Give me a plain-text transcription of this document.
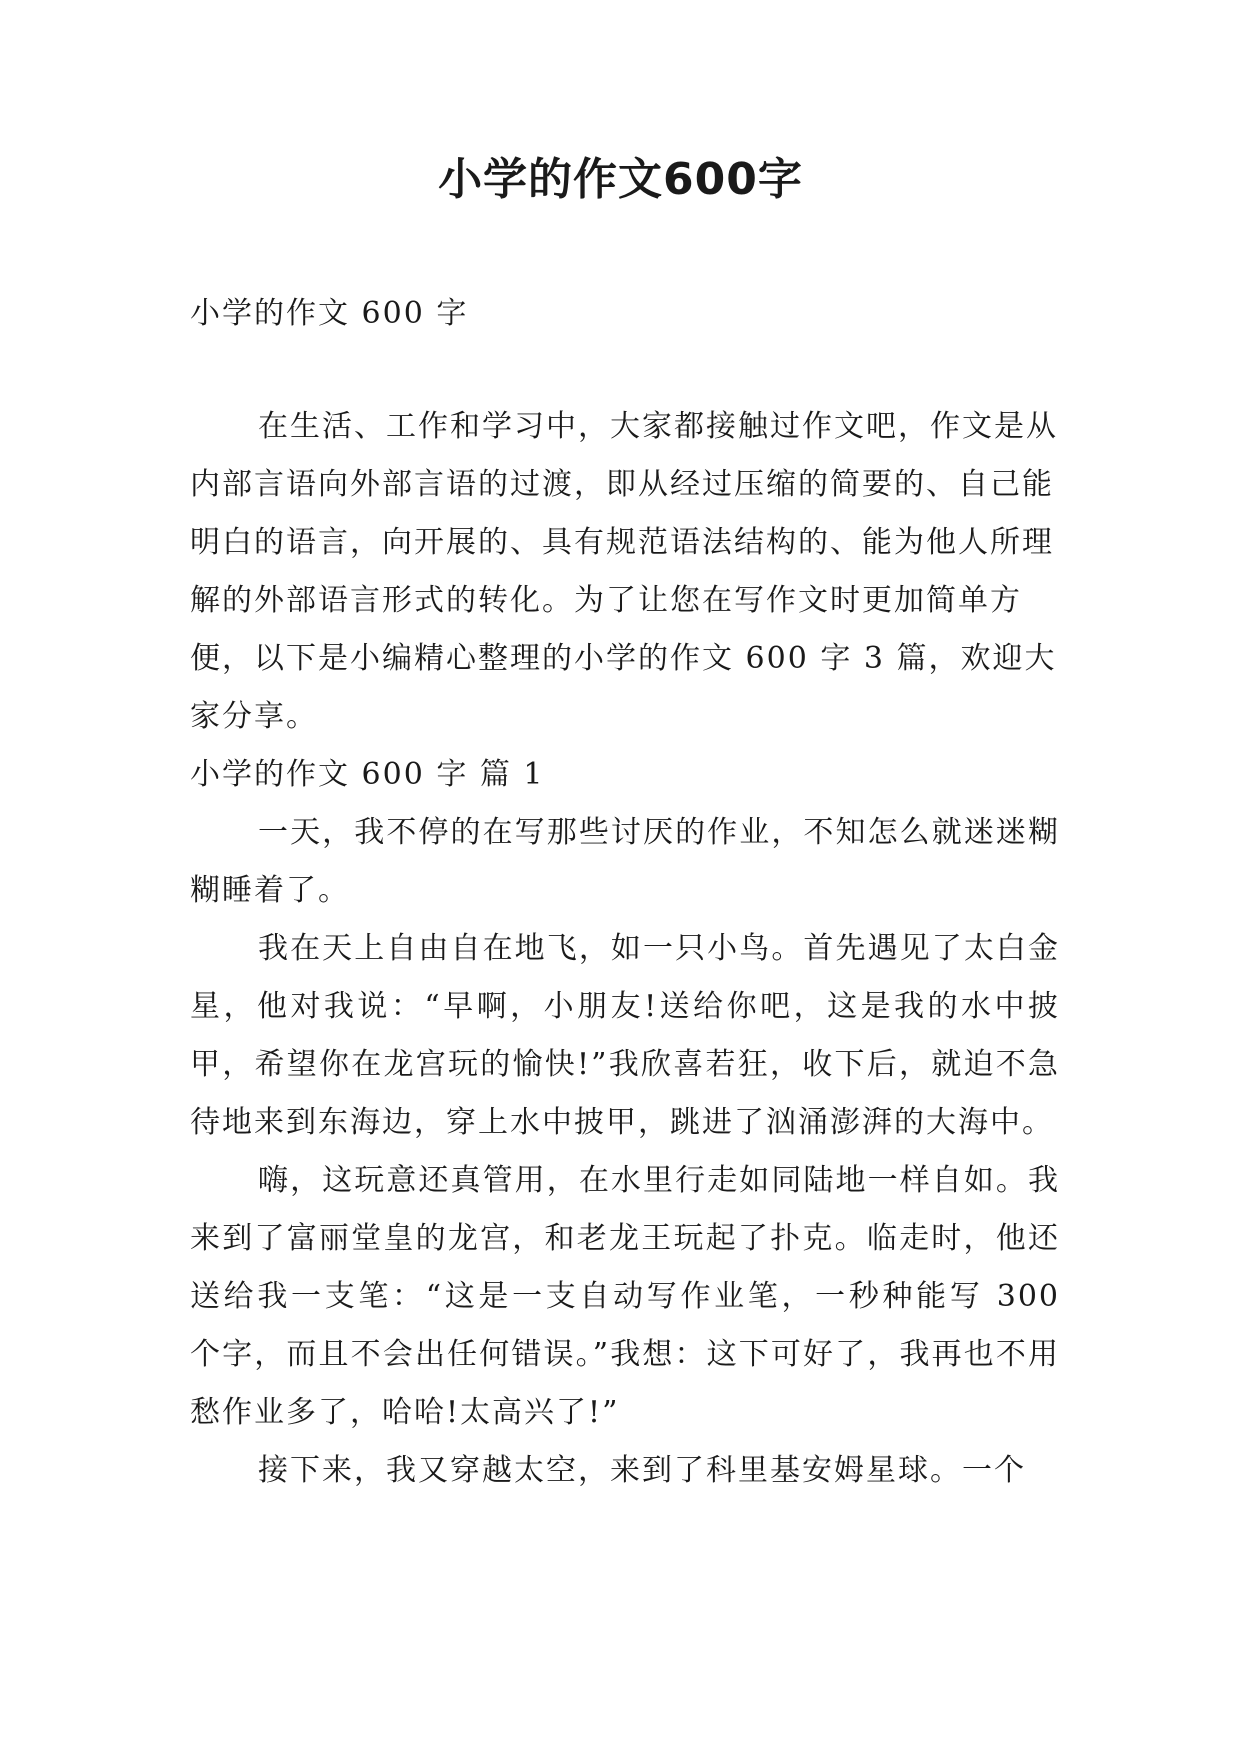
小学的作文600字

小学的作文 600 字

在生活、工作和学习中，大家都接触过作文吧，作文是从内部言语向外部言语的过渡，即从经过压缩的简要的、自己能明白的语言，向开展的、具有规范语法结构的、能为他人所理解的外部语言形式的转化。为了让您在写作文时更加简单方便，以下是小编精心整理的小学的作文 600 字 3 篇，欢迎大家分享。

小学的作文 600 字 篇 1

一天，我不停的在写那些讨厌的作业，不知怎么就迷迷糊糊睡着了。

我在天上自由自在地飞，如一只小鸟。首先遇见了太白金星，他对我说：“早啊，小朋友!送给你吧，这是我的水中披甲，希望你在龙宫玩的愉快!”我欣喜若狂，收下后，就迫不急待地来到东海边，穿上水中披甲，跳进了汹涌澎湃的大海中。

嗨，这玩意还真管用，在水里行走如同陆地一样自如。我来到了富丽堂皇的龙宫，和老龙王玩起了扑克。临走时，他还送给我一支笔：“这是一支自动写作业笔，一秒种能写 300 个字，而且不会出任何错误。”我想：这下可好了，我再也不用愁作业多了，哈哈!太高兴了!”

接下来，我又穿越太空，来到了科里基安姆星球。一个
